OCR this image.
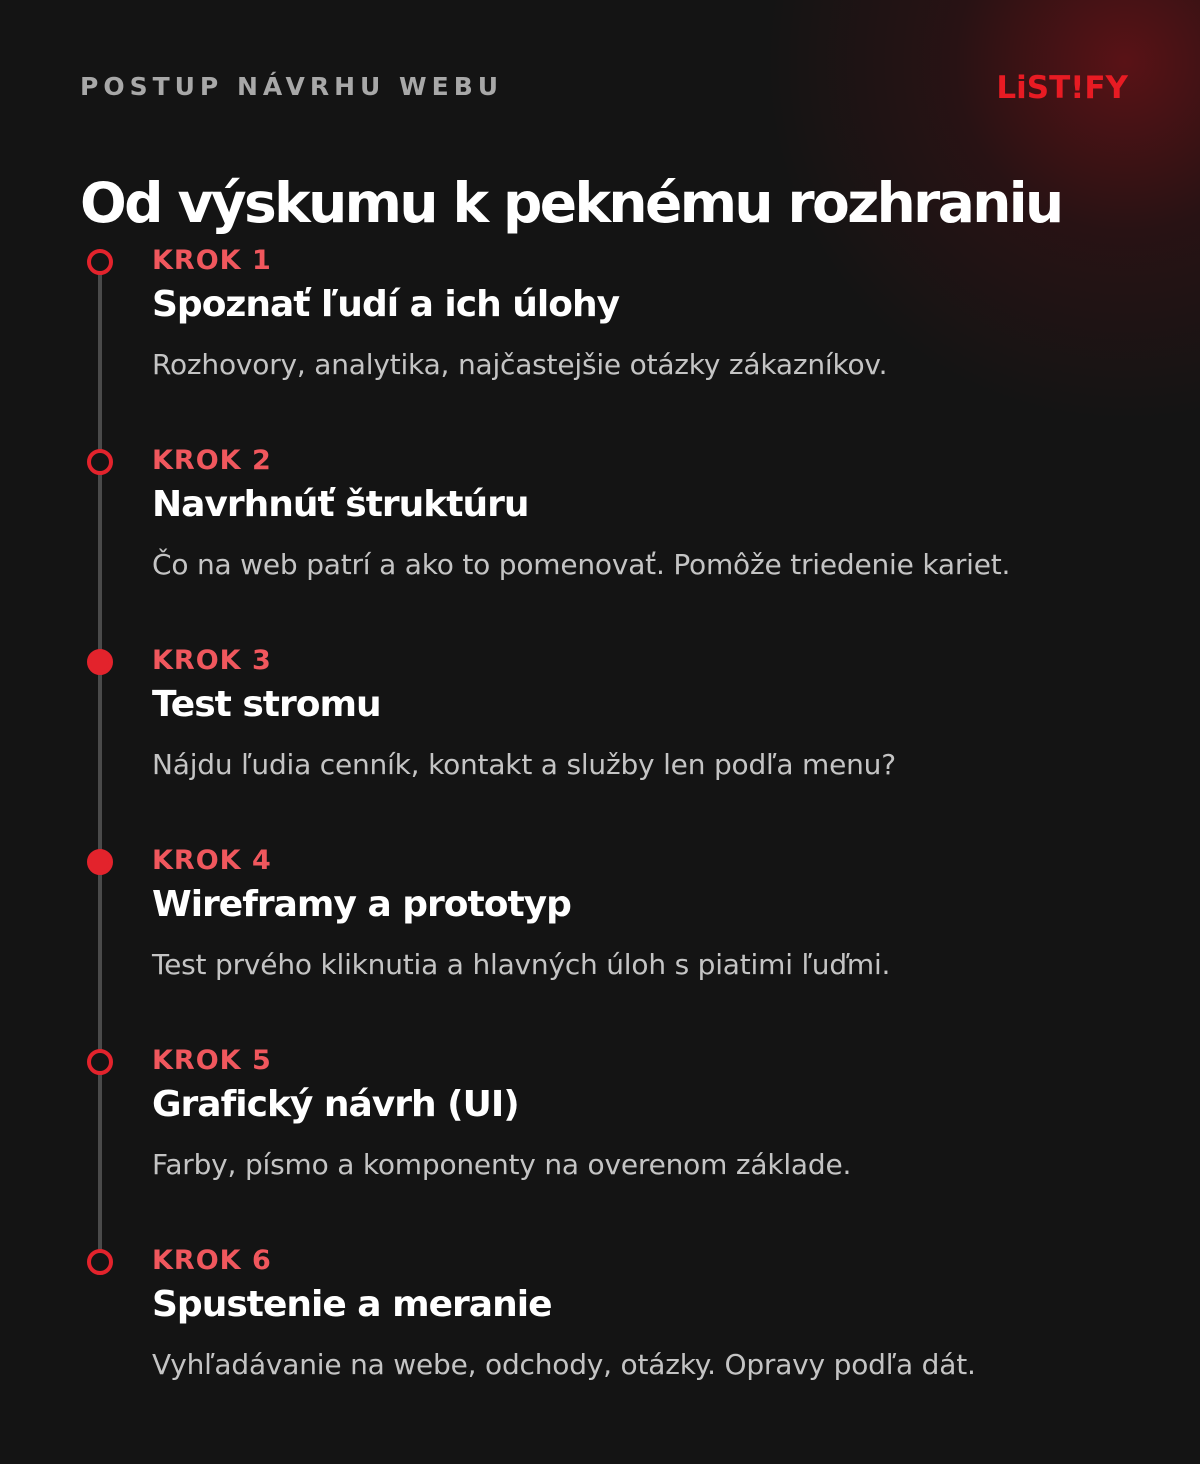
POSTUP NÁVRHU WEBU	LiST!FY
Od výskumu k peknému rozhraniu
KROK 1
Spoznať ľudí a ich úlohy
Rozhovory, analytika, najčastejšie otázky zákazníkov.
KROK 2
Navrhnúť štruktúru
Čo na web patrí a ako to pomenovať. Pomôže triedenie kariet.
KROK 3
Test stromu
Nájdu ľudia cenník, kontakt a služby len podľa menu?
KROK 4
Wireframy a prototyp
Test prvého kliknutia a hlavných úloh s piatimi ľuďmi.
KROK 5
Grafický návrh (UI)
Farby, písmo a komponenty na overenom základe.
KROK 6
Spustenie a meranie
Vyhľadávanie na webe, odchody, otázky. Opravy podľa dát.
